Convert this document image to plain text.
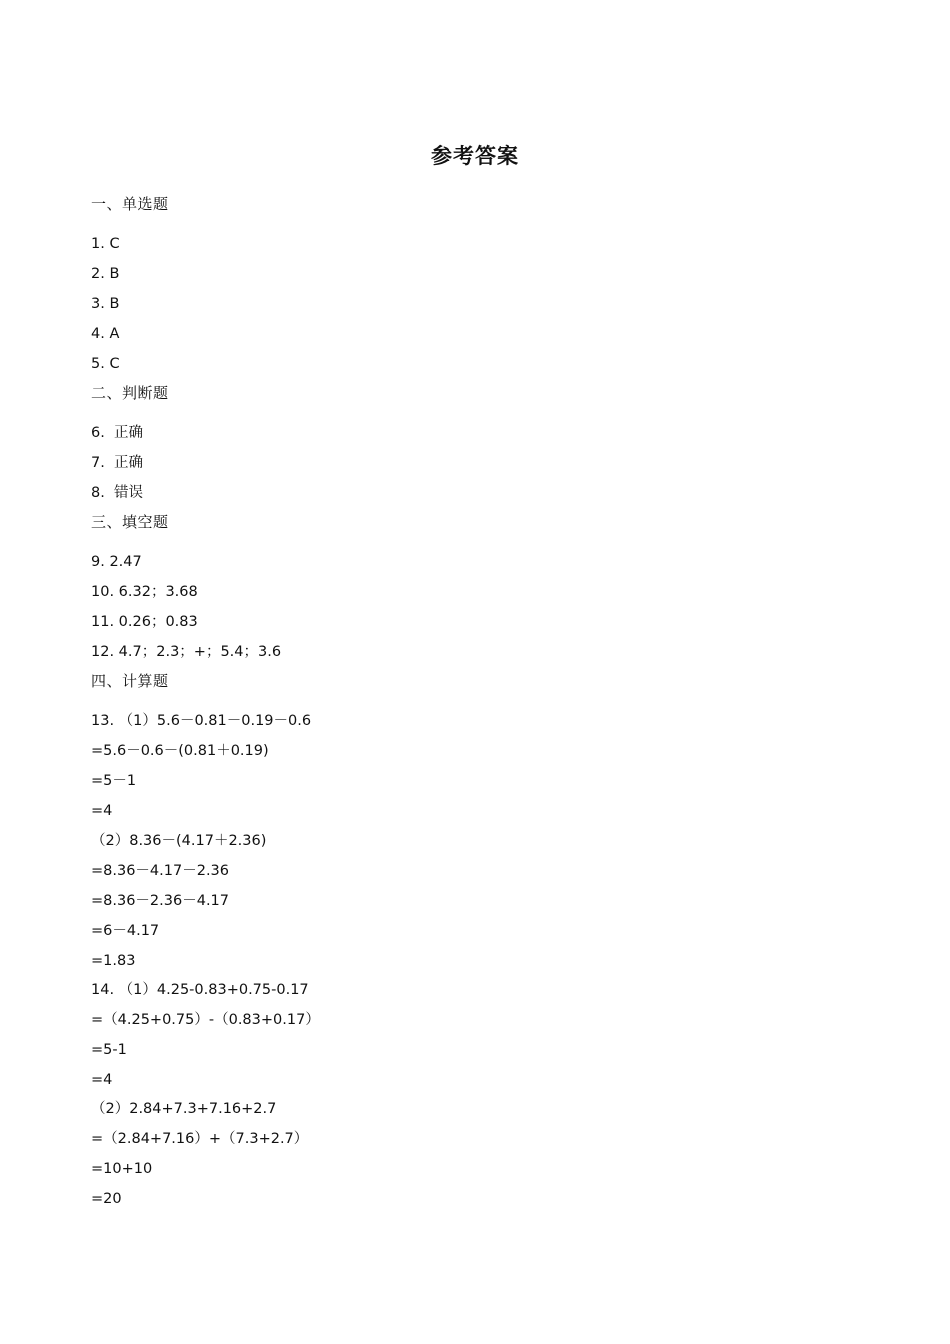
参考答案
一、单选题
1. C
2. B
3. B
4. A
5. C
二、判断题
6.  正确
7.  正确
8.  错误
三、填空题
9. 2.47
10. 6.32；3.68
11. 0.26；0.83
12. 4.7；2.3；+；5.4；3.6
四、计算题
13. （1）5.6－0.81－0.19－0.6
=5.6－0.6－(0.81＋0.19)
=5－1
=4
（2）8.36－(4.17＋2.36)
=8.36－4.17－2.36
=8.36－2.36－4.17
=6－4.17
=1.83
14. （1）4.25-0.83+0.75-0.17
=（4.25+0.75）-（0.83+0.17）
=5-1
=4
（2）2.84+7.3+7.16+2.7
=（2.84+7.16）+（7.3+2.7）
=10+10
=20
